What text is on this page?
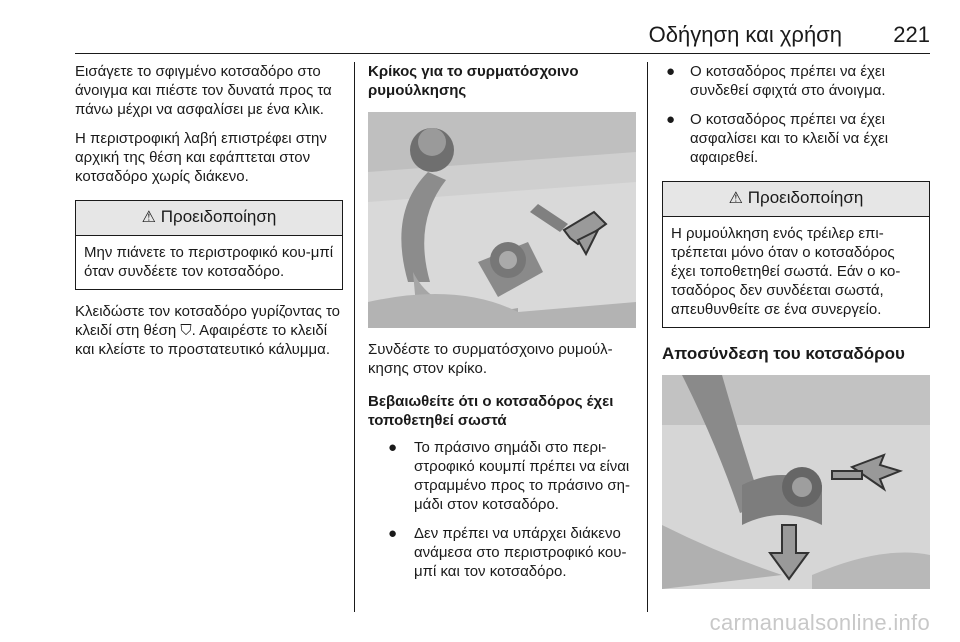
Οδήγηση και χρήση 221

Εισάγετε το σφιγμένο κοτσαδόρο στο άνοιγμα και πιέστε τον δυνατά προς τα πάνω μέχρι να ασφαλίσει με ένα κλικ.

Η περιστροφική λαβή επιστρέφει στην αρχική της θέση και εφάπτεται στον κοτσαδόρο χωρίς διάκενο.

⚠ Προειδοποίηση
Μην πιάνετε το περιστροφικό κου-μπί όταν συνδέετε τον κοτσαδόρο.

Κλειδώστε τον κοτσαδόρο γυρίζοντας το κλειδί στη θέση ⛉. Αφαιρέστε το κλειδί και κλείστε το προστατευτικό κάλυμμα.

Κρίκος για το συρματόσχοινο ρυμούλκησης

Συνδέστε το συρματόσχοινο ρυμούλ-κησης στον κρίκο.

Βεβαιωθείτε ότι ο κοτσαδόρος έχει τοποθετηθεί σωστά
● Το πράσινο σημάδι στο περι-στροφικό κουμπί πρέπει να είναι στραμμένο προς το πράσινο ση-μάδι στον κοτσαδόρο.
● Δεν πρέπει να υπάρχει διάκενο ανάμεσα στο περιστροφικό κου-μπί και τον κοτσαδόρο.
● Ο κοτσαδόρος πρέπει να έχει συνδεθεί σφιχτά στο άνοιγμα.
● Ο κοτσαδόρος πρέπει να έχει ασφαλίσει και το κλειδί να έχει αφαιρεθεί.
⚠ Προειδοποίηση
Η ρυμούλκηση ενός τρέιλερ επι-τρέπεται μόνο όταν ο κοτσαδόρος έχει τοποθετηθεί σωστά. Εάν ο κο-τσαδόρος δεν συνδέεται σωστά, απευθυνθείτε σε ένα συνεργείο.
Αποσύνδεση του κοτσαδόρου
carmanualsonline.info
